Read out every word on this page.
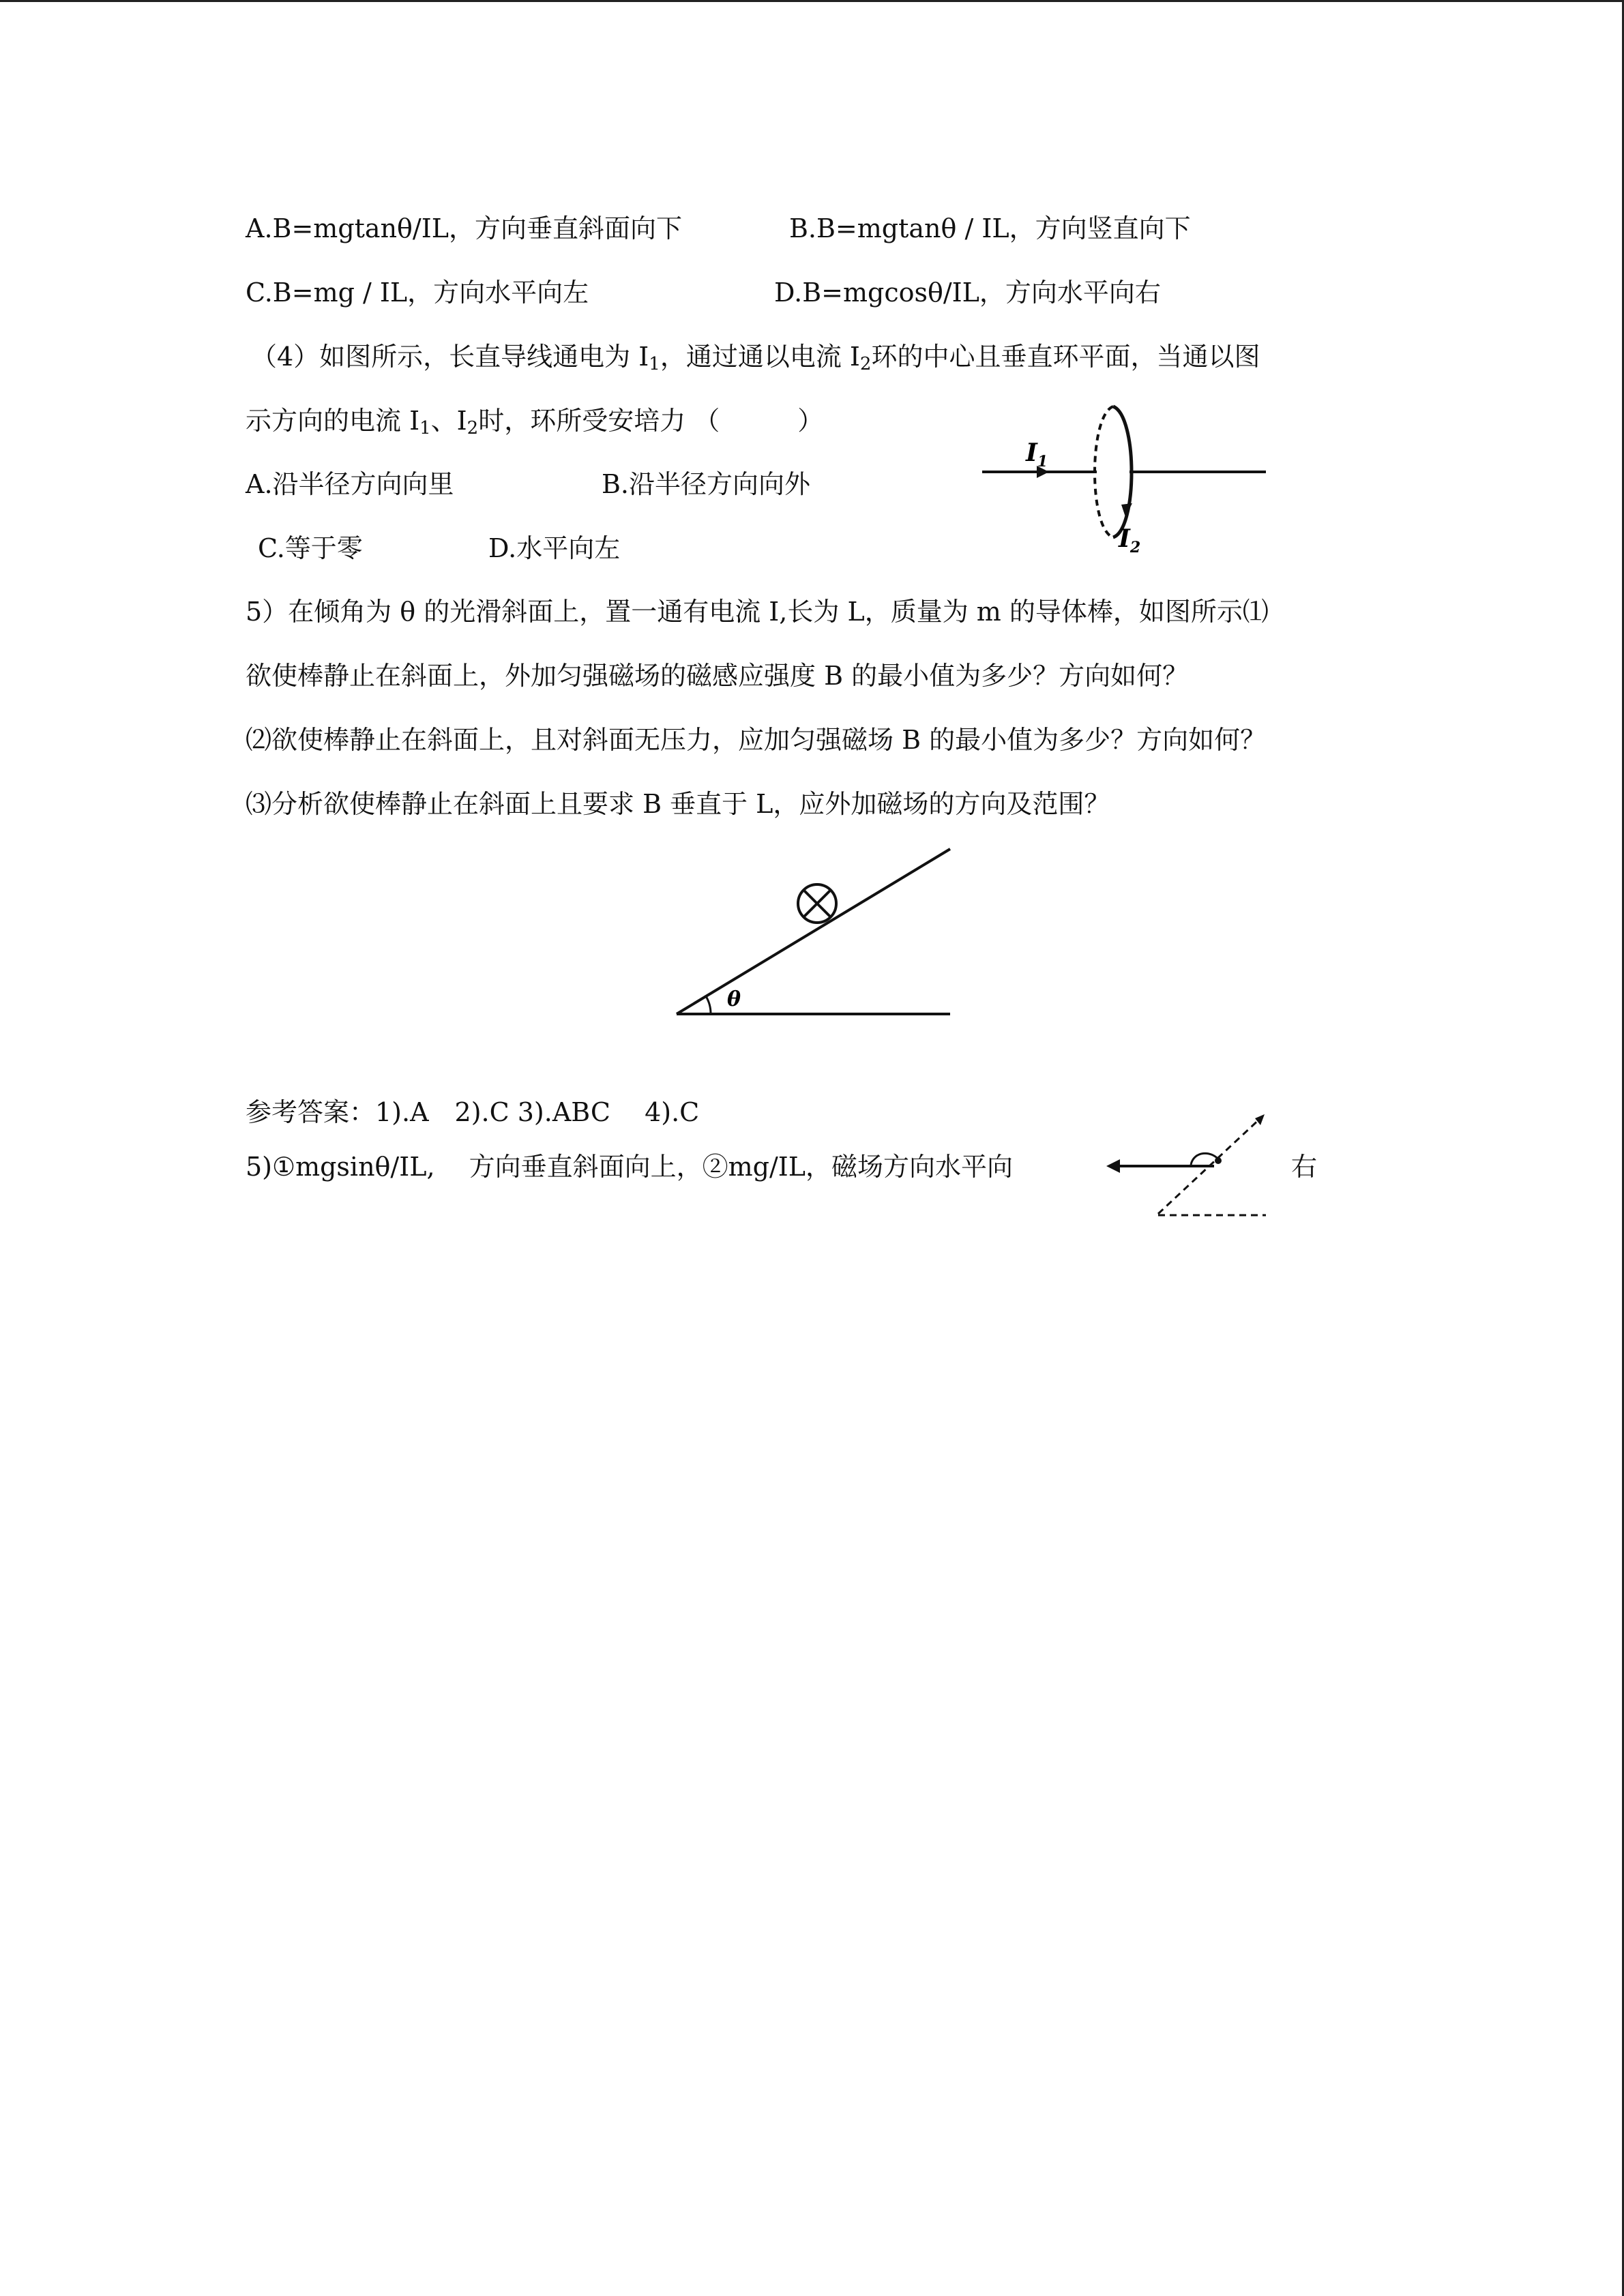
A.B=mgtanθ/IL，方向垂直斜面向下	B.B=mgtanθ / IL，方向竖直向下
C.B=mg / IL，方向水平向左	D.B=mgcosθ/IL，方向水平向右
（4）如图所示，长直导线通电为 $I_1$，通过通以电流 $I_2$环的中心且垂直环平面，当通以图
示方向的电流 $I_1$、$I_2$时，环所受安培力 （　　　）
A.沿半径方向向里	B.沿半径方向向外
C.等于零	D.水平向左
$I_1$
$I_2$
5）在倾角为 θ 的光滑斜面上，置一通有电流 I,长为 L，质量为 m 的导体棒，如图所示⑴
欲使棒静止在斜面上，外加匀强磁场的磁感应强度 B 的最小值为多少？方向如何？
⑵欲使棒静止在斜面上，且对斜面无压力，应加匀强磁场 B 的最小值为多少？方向如何？
⑶分析欲使棒静止在斜面上且要求 B 垂直于 L，应外加磁场的方向及范围？
θ
参考答案：1).A　2).C 3).ABC　 4).C
5)①mgsinθ/IL,　 方向垂直斜面向上，②mg/IL，磁场方向水平向	右
